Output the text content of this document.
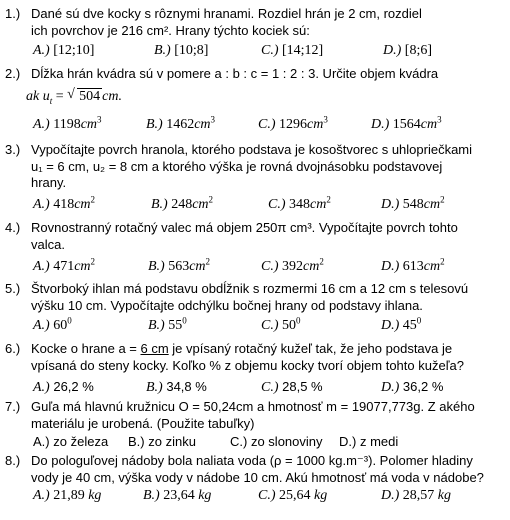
1.) Dané sú dve kocky s rôznymi hranami. Rozdiel hrán je 2 cm, rozdiel
ich povrchov je 216 cm². Hrany týchto kociek sú:
A.) [12;10]	B.) [10;8]	C.) [14;12]	D.) [8;6]
2.) Dĺžka hrán kvádra sú v pomere a : b : c = 1 : 2 : 3. Určite objem kvádra
ak $u_t$ = √ 504 cm.
A.) $1198cm^3$	B.) $1462cm^3$	C.) $1296cm^3$	D.) $1564cm^3$
3.) Vypočítajte povrch hranola, ktorého podstava je kosoštvorec s uhlopriečkami
u₁ = 6 cm, u₂ = 8 cm a ktorého výška je rovná dvojnásobku podstavovej
hrany.
A.) $418cm^2$	B.) $248cm^2$	C.) $348cm^2$	D.) $548cm^2$
4.) Rovnostranný rotačný valec má objem 250π cm³. Vypočítajte povrch tohto
valca.
A.) $471cm^2$	B.) $563cm^2$	C.) $392cm^2$	D.) $613cm^2$
5.) Štvorboký ihlan má podstavu obdĺžnik s rozmermi 16 cm a 12 cm s telesovú
výšku 10 cm. Vypočítajte odchýlku bočnej hrany od podstavy ihlana.
A.) $60^0$	B.) $55^0$	C.) $50^0$	D.) $45^0$
6.) Kocke o hrane a = 6 cm je vpísaný rotačný kužeľ tak, že jeho podstava je
vpísaná do steny kocky. Koľko % z objemu kocky tvorí objem tohto kužeľa?
A.) 26,2 %	B.) 34,8 %	C.) 28,5 %	D.) 36,2 %
7.) Guľa má hlavnú kružnicu O = 50,24cm a hmotnosť m = 19077,773g. Z akého
materiálu je urobená. (Použite tabuľky)
A.) zo železa B.) zo zinku	C.) zo slonoviny D.) z medi
8.) Do pologuľovej nádoby bola naliata voda (ρ = 1000 kg.m⁻³). Polomer hladiny
vody je 40 cm, výška vody v nádobe 10 cm. Akú hmotnosť má voda v nádobe?
A.) 21,89 kg	B.) 23,64 kg	C.) 25,64 kg	D.) 28,57 kg
